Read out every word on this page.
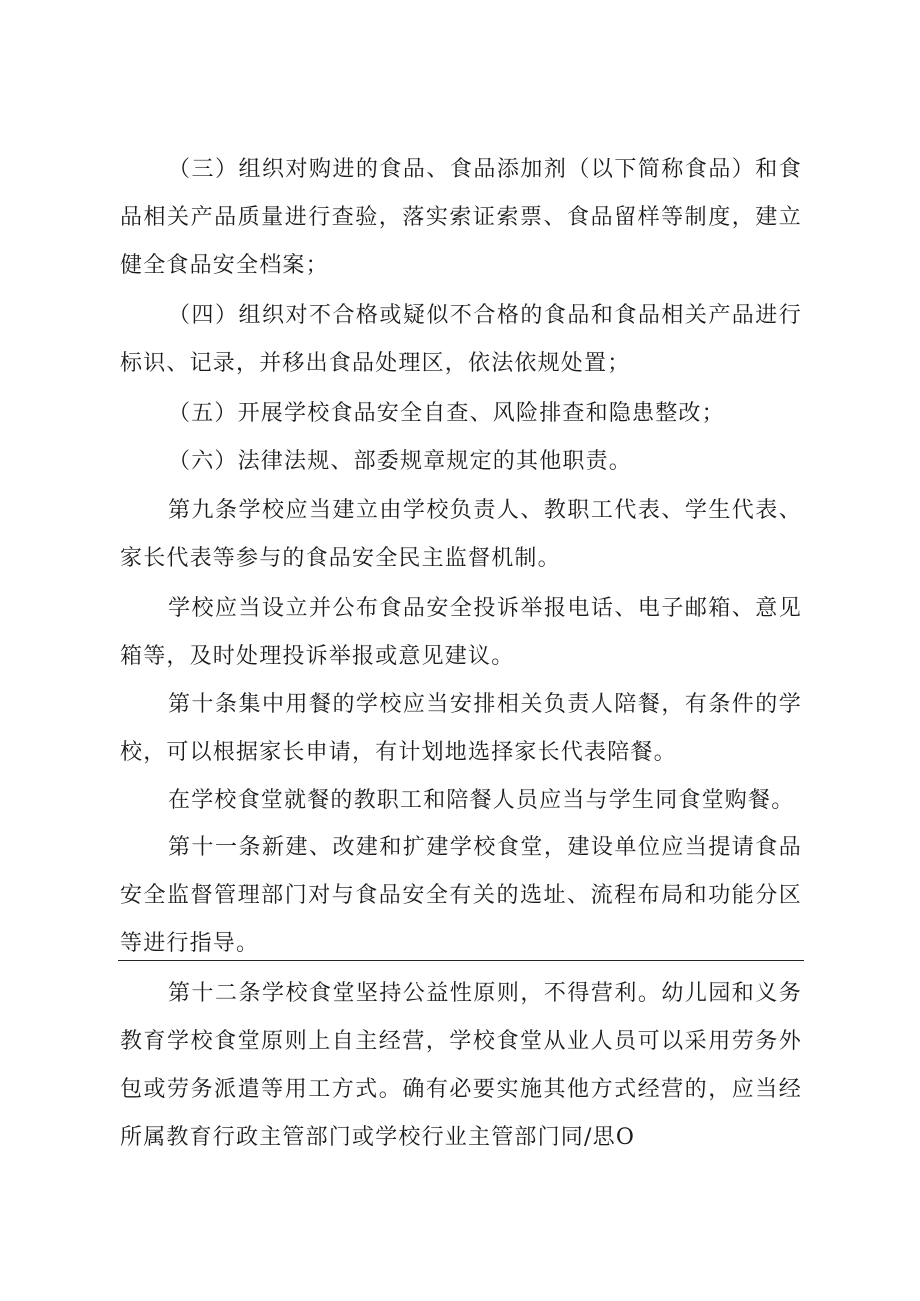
（三）组织对购进的食品、食品添加剂（以下简称食品）和食品相关产品质量进行查验，落实索证索票、食品留样等制度，建立健全食品安全档案；

（四）组织对不合格或疑似不合格的食品和食品相关产品进行标识、记录，并移出食品处理区，依法依规处置；

（五）开展学校食品安全自查、风险排查和隐患整改；

（六）法律法规、部委规章规定的其他职责。

第九条学校应当建立由学校负责人、教职工代表、学生代表、家长代表等参与的食品安全民主监督机制。

学校应当设立并公布食品安全投诉举报电话、电子邮箱、意见箱等，及时处理投诉举报或意见建议。

第十条集中用餐的学校应当安排相关负责人陪餐，有条件的学校，可以根据家长申请，有计划地选择家长代表陪餐。

在学校食堂就餐的教职工和陪餐人员应当与学生同食堂购餐。

第十一条新建、改建和扩建学校食堂，建设单位应当提请食品安全监督管理部门对与食品安全有关的选址、流程布局和功能分区等进行指导。

第十二条学校食堂坚持公益性原则，不得营利。幼儿园和义务教育学校食堂原则上自主经营，学校食堂从业人员可以采用劳务外包或劳务派遣等用工方式。确有必要实施其他方式经营的，应当经所属教育行政主管部门或学校行业主管部门同/思O
